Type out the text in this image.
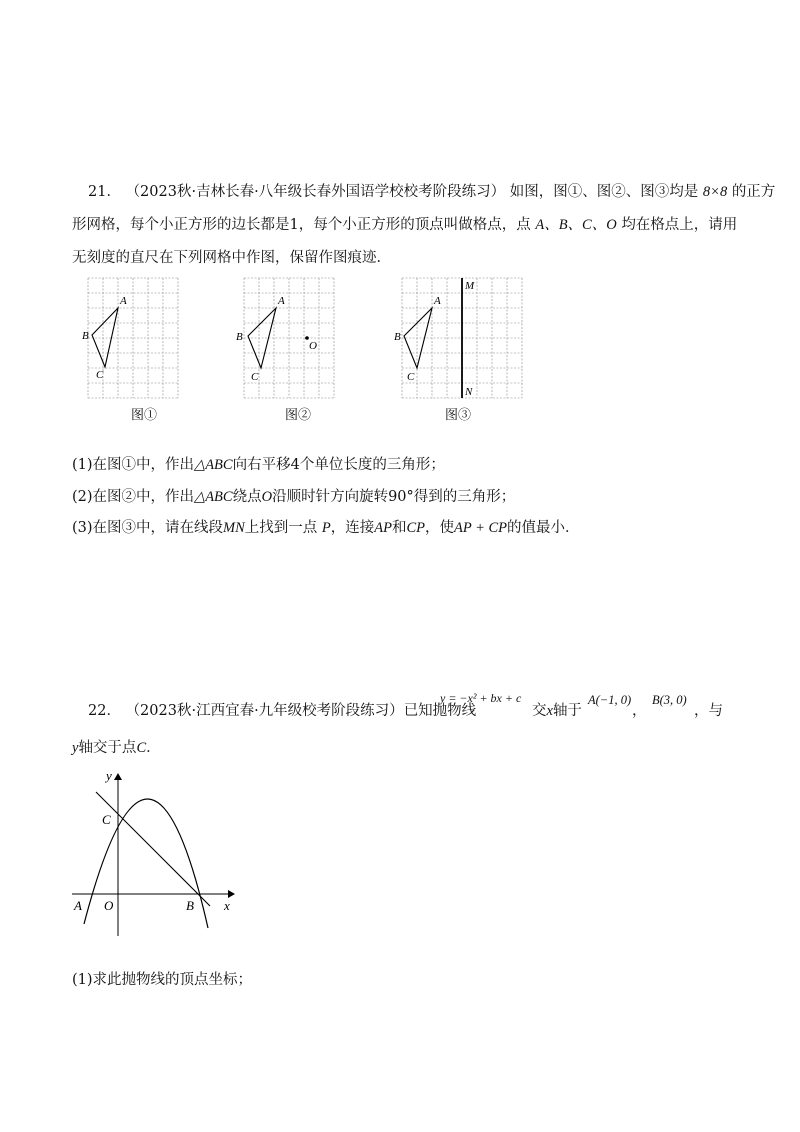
21． （2023秋·吉林长春·八年级长春外国语学校校考阶段练习） 如图，图①、图②、图③均是 8×8 的正方
形网格，每个小正方形的边长都是1，每个小正方形的顶点叫做格点，点 A、B、C、O 均在格点上，请用
无刻度的直尺在下列网格中作图，保留作图痕迹．
A
B
C
图①
A
B
C
O
图②
A
B
C
M
N
图③
(1)在图①中，作出△ABC向右平移4个单位长度的三角形；
(2)在图②中，作出△ABC绕点O沿顺时针方向旋转90°得到的三角形；
(3)在图③中，请在线段MN上找到一点 P，连接AP和CP，使AP + CP的值最小．
22． （2023秋·江西宜春·九年级校考阶段练习）已知抛物线
y = −x² + bx + c
交x轴于
A(−1, 0)
，
B(3, 0)
，与
y轴交于点C．
y
x
C
A O	B
(1)求此抛物线的顶点坐标；
